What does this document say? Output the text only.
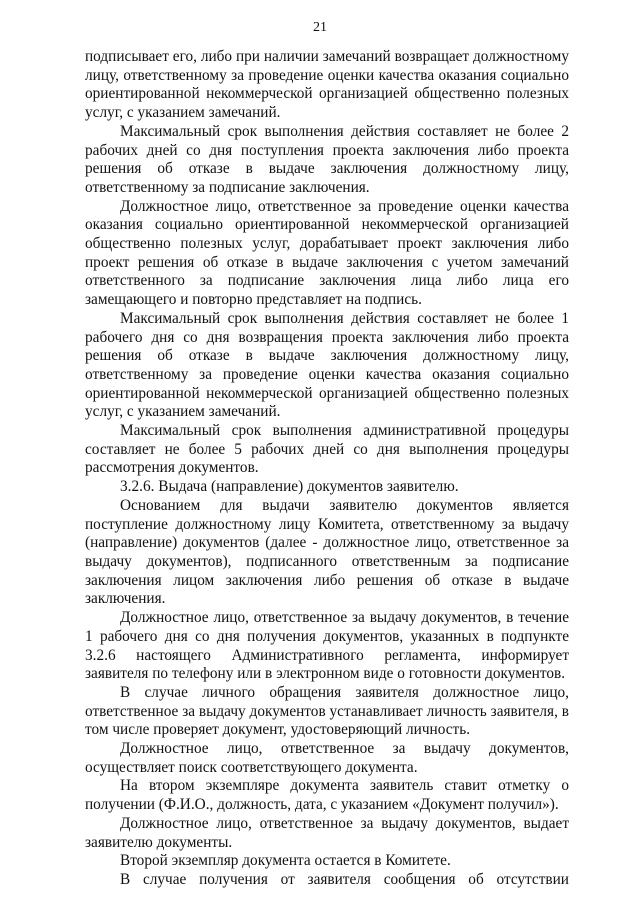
21

подписывает его, либо при наличии замечаний возвращает должностному лицу, ответственному за проведение оценки качества оказания социально ориентированной некоммерческой организацией общественно полезных услуг, с указанием замечаний.

Максимальный срок выполнения действия составляет не более 2 рабочих дней со дня поступления проекта заключения либо проекта решения об отказе в выдаче заключения должностному лицу, ответственному за подписание заключения.

Должностное лицо, ответственное за проведение оценки качества оказания социально ориентированной некоммерческой организацией общественно полезных услуг, дорабатывает проект заключения либо проект решения об отказе в выдаче заключения с учетом замечаний ответственного за подписание заключения лица либо лица его замещающего и повторно представляет на подпись.

Максимальный срок выполнения действия составляет не более 1 рабочего дня со дня возвращения проекта заключения либо проекта решения об отказе в выдаче заключения должностному лицу, ответственному за проведение оценки качества оказания социально ориентированной некоммерческой организацией общественно полезных услуг, с указанием замечаний.

Максимальный срок выполнения административной процедуры составляет не более 5 рабочих дней со дня выполнения процедуры рассмотрения документов.

3.2.6. Выдача (направление) документов заявителю.

Основанием для выдачи заявителю документов является поступление должностному лицу Комитета, ответственному за выдачу (направление) документов (далее - должностное лицо, ответственное за выдачу документов), подписанного ответственным за подписание заключения лицом заключения либо решения об отказе в выдаче заключения.

Должностное лицо, ответственное за выдачу документов, в течение 1 рабочего дня со дня получения документов, указанных в подпункте 3.2.6 настоящего Административного регламента, информирует заявителя по телефону или в электронном виде о готовности документов.

В случае личного обращения заявителя должностное лицо, ответственное за выдачу документов устанавливает личность заявителя, в том числе проверяет документ, удостоверяющий личность.

Должностное лицо, ответственное за выдачу документов, осуществляет поиск соответствующего документа.

На втором экземпляре документа заявитель ставит отметку о получении (Ф.И.О., должность, дата, с указанием «Документ получил»).

Должностное лицо, ответственное за выдачу документов, выдает заявителю документы.

Второй экземпляр документа остается в Комитете.

В случае получения от заявителя сообщения об отсутствии
